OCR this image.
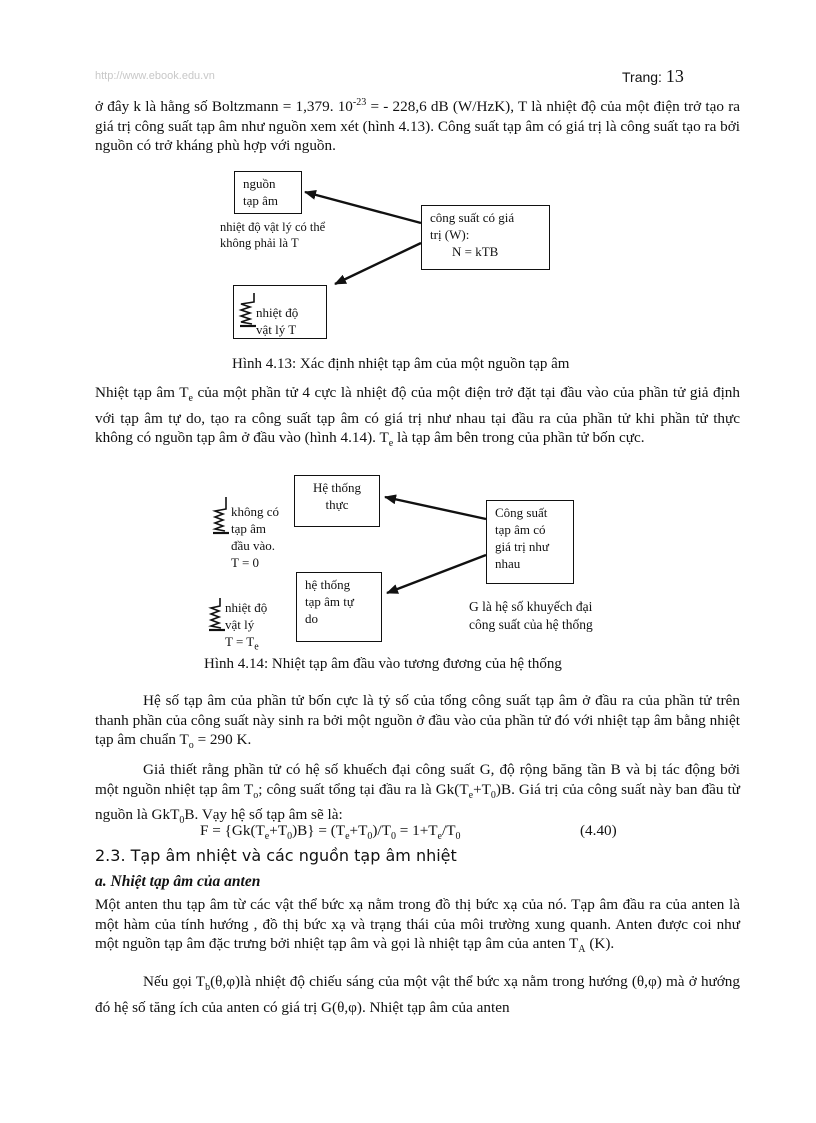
http://www.ebook.edu.vn	Trang: 13

ở đây k là hằng số Boltzmann = 1,379. $10^{-23}$ = - 228,6 dB (W/HzK), T là nhiệt độ của một điện trở tạo ra giá trị công suất tạp âm như nguồn xem xét (hình 4.13). Công suất tạp âm có giá trị là công suất tạo ra bởi nguồn có trở kháng phù hợp với nguồn.

nguồn
tạp âm
nhiệt độ vật lý có thể
không phải là T
công suất có giá
trị (W):
N = kTB
nhiệt độ
vật lý T
Hình 4.13: Xác định nhiệt tạp âm của một nguồn tạp âm

Nhiệt tạp âm $T_e$ của một phần tử 4 cực là nhiệt độ của một điện trở đặt tại đầu vào của phần tử giả định với tạp âm tự do, tạo ra công suất tạp âm có giá trị như nhau tại đầu ra của phần tử khi phần tử thực không có nguồn tạp âm ở đầu vào (hình 4.14). $T_e$ là tạp âm bên trong của phần tử bốn cực.

Hệ thống
thực
không có
tạp âm
đầu vào.
T = 0
hệ thống
tạp âm tự
do
nhiệt độ
vật lý
$T = T_e$
Công suất
tạp âm có
giá trị như
nhau
G là hệ số khuyếch đại
công suất của hệ thống
Hình 4.14: Nhiệt tạp âm đầu vào tương đương của hệ thống

Hệ số tạp âm của phần tử bốn cực là tỷ số của tổng công suất tạp âm ở đầu ra của phần tử trên thanh phần của công suất này sinh ra bởi một nguồn ở đầu vào của phần tử đó với nhiệt tạp âm bằng nhiệt tạp âm chuẩn $T_o = 290$ K.

Giả thiết rằng phần tử có hệ số khuếch đại công suất G, độ rộng băng tần B và bị tác động bởi một nguồn nhiệt tạp âm $T_o$; công suất tổng tại đầu ra là $Gk(T_e+T_0)B$. Giá trị của công suất này ban đầu từ nguồn là GkT$_0$B. Vạy hệ số tạp âm sẽ là:

$F = \{Gk(T_e+T_0)B\} = (T_e+T_0)/T_0 = 1+T_e/T_0$	(4.40)
2.3. Tạp âm nhiệt và các nguồn tạp âm nhiệt
a. Nhiệt tạp âm của anten

Một anten thu tạp âm từ các vật thể bức xạ nằm trong đồ thị bức xạ của nó. Tạp âm đầu ra của anten là một hàm của tính hướng , đồ thị bức xạ và trạng thái của môi trường xung quanh. Anten được coi như một nguồn tạp âm đặc trưng bởi nhiệt tạp âm và gọi là nhiệt tạp âm của anten $T_A$ (K).

Nếu gọi $T_b(\theta,\varphi)là$ nhiệt độ chiếu sáng của một vật thể bức xạ nằm trong hướng (θ,φ) mà ở hướng đó hệ số tăng ích của anten có giá trị G(θ,φ). Nhiệt tạp âm của anten
